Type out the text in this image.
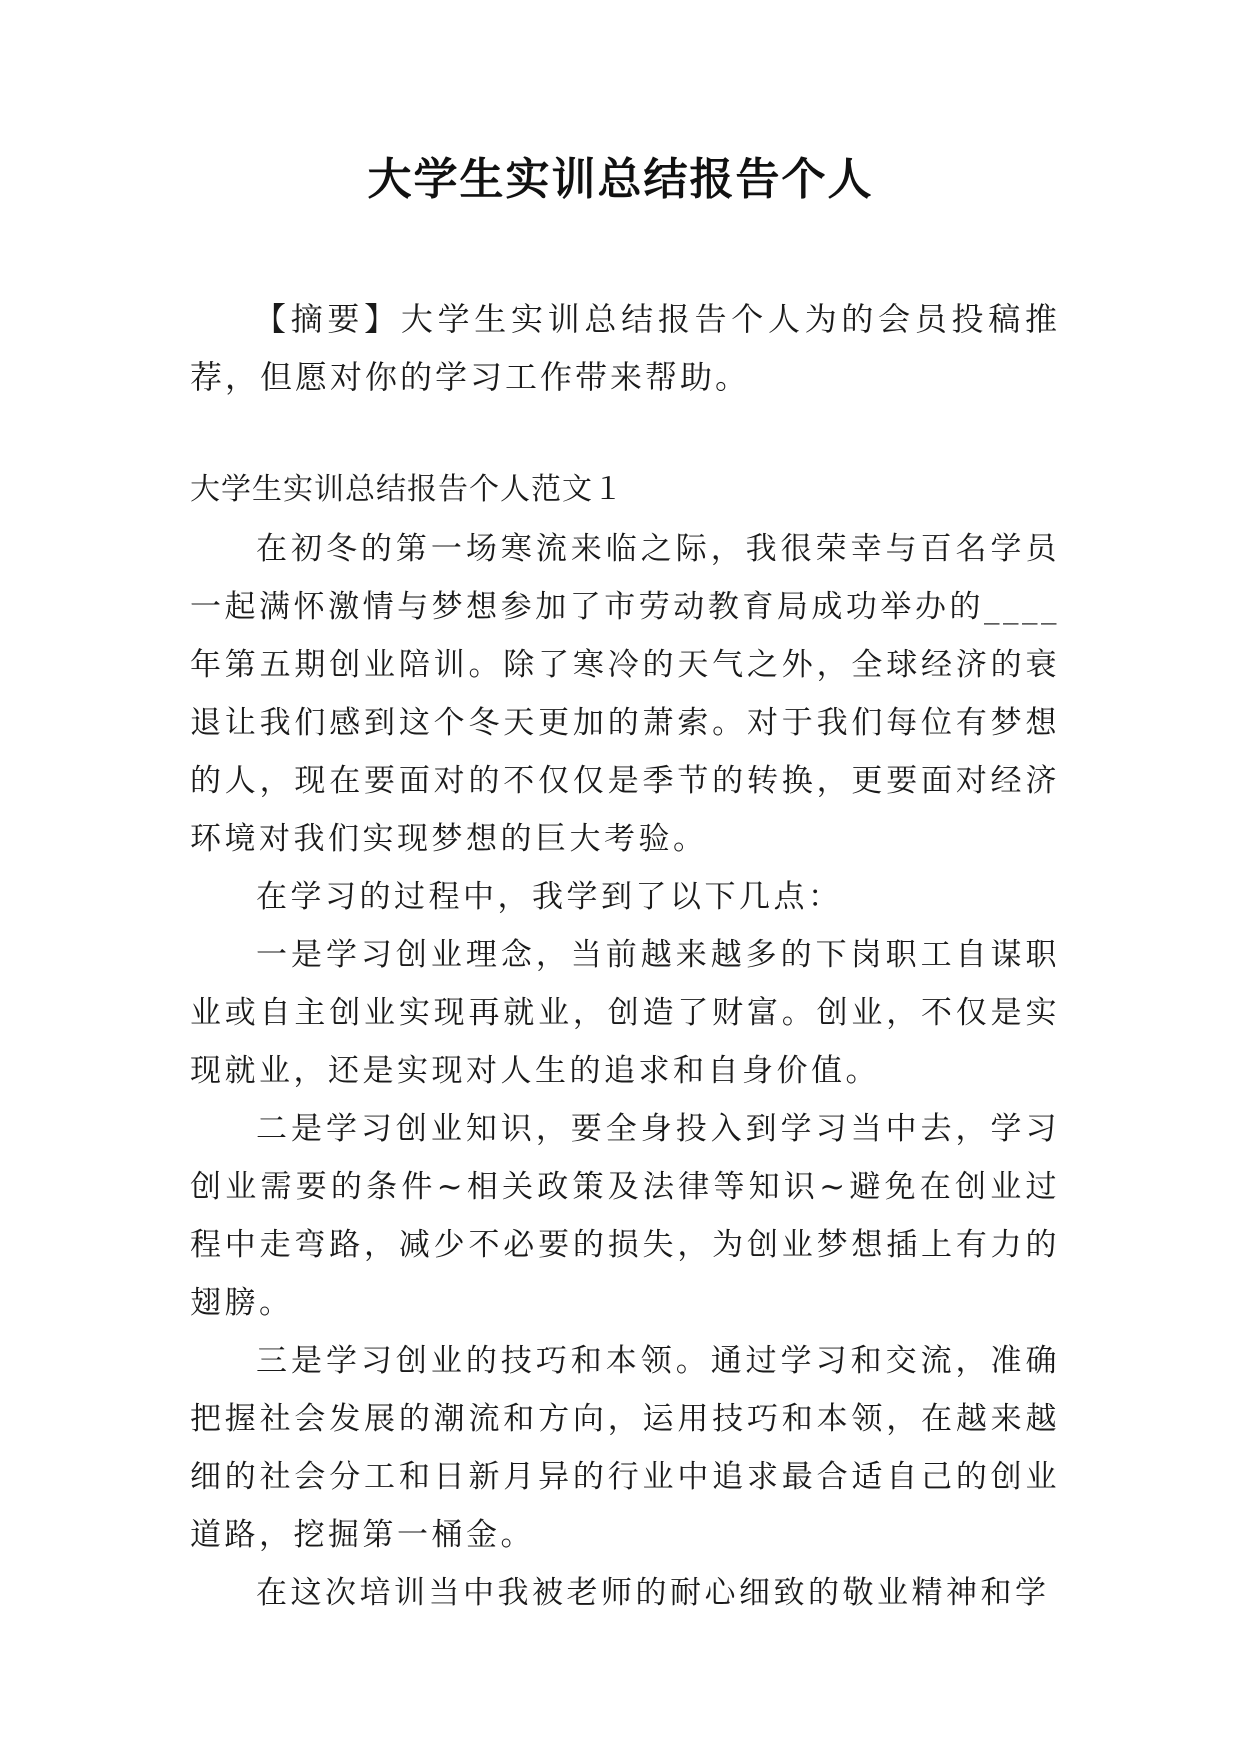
大学生实训总结报告个人
【摘要】大学生实训总结报告个人为的会员投稿推荐，但愿对你的学习工作带来帮助。
大学生实训总结报告个人范文１

在初冬的第一场寒流来临之际，我很荣幸与百名学员一起满怀激情与梦想参加了市劳动教育局成功举办的____年第五期创业陪训。除了寒冷的天气之外，全球经济的衰退让我们感到这个冬天更加的萧索。对于我们每位有梦想的人，现在要面对的不仅仅是季节的转换，更要面对经济环境对我们实现梦想的巨大考验。

在学习的过程中，我学到了以下几点：

一是学习创业理念，当前越来越多的下岗职工自谋职业或自主创业实现再就业，创造了财富。创业，不仅是实现就业，还是实现对人生的追求和自身价值。

二是学习创业知识，要全身投入到学习当中去，学习创业需要的条件~相关政策及法律等知识~避免在创业过程中走弯路，减少不必要的损失，为创业梦想插上有力的翅膀。

三是学习创业的技巧和本领。通过学习和交流，准确把握社会发展的潮流和方向，运用技巧和本领，在越来越细的社会分工和日新月异的行业中追求最合适自己的创业道路，挖掘第一桶金。

在这次培训当中我被老师的耐心细致的敬业精神和学
